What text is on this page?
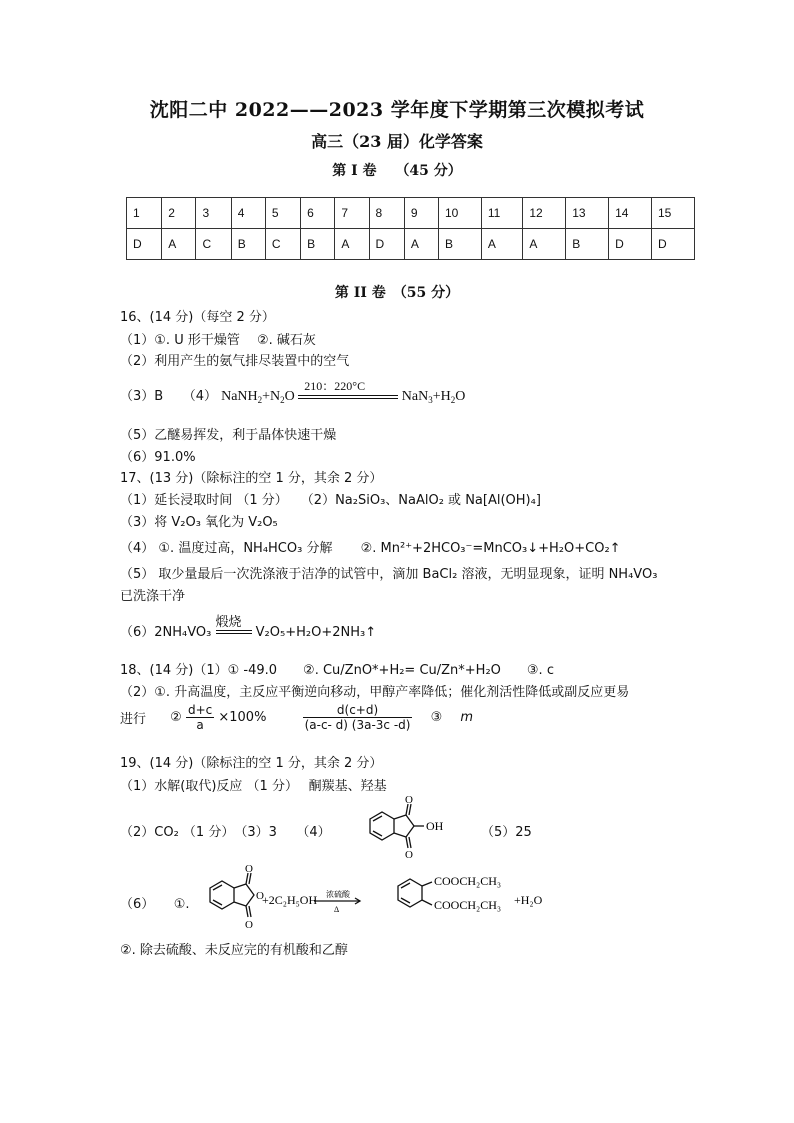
沈阳二中 2022——2023 学年度下学期第三次模拟考试
高三（23 届）化学答案
第 I 卷　 （45 分）
1	2	3	4	5	6	7	8	9	10	11	12	13	14	15
D	A	C	B	C	B	A	D	A	B	A	A	B	D	D
第 II 卷　（55 分）
16、(14 分)（每空 2 分）
（1）①. U 形干燥管　 ②. 碱石灰
（2）利用产生的氨气排尽装置中的空气
（3）B　　（4） $NaNH_2+N_2O$
210：220°C
$NaN_3+H_2O$
（5）乙醚易挥发，利于晶体快速干燥
（6）91.0%
17、(13 分)（除标注的空 1 分，其余 2 分）
（1）延长浸取时间 （1 分）　　（2）Na₂SiO₃、NaAlO₂ 或 Na[Al(OH)₄]
（3）将 V₂O₃ 氧化为 V₂O₅
（4） ①. 温度过高，NH₄HCO₃ 分解 ②. Mn²⁺+2HCO₃⁻=MnCO₃↓+H₂O+CO₂↑
（5） 取少量最后一次洗涤液于洁净的试管中，滴加 BaCl₂ 溶液，无明显现象，证明 NH₄VO₃
已洗涤干净
（6）2NH₄VO₃
煅烧
V₂O₅+H₂O+2NH₃↑
18、(14 分)（1）① -49.0　　②. Cu/ZnO*+H₂= Cu/Zn*+H₂O　　③. c
（2）①. 升高温度，主反应平衡逆向移动，甲醇产率降低；催化剂活性降低或副反应更易
进行 ② $\frac{d+c}{a} \times 100\%$	$\frac{d(c+d)}{(a-c- d) (3a-3c -d)}$ ③ m
19、(14 分)（除标注的空 1 分，其余 2 分）
（1）水解(取代)反应 （1 分）　 酮羰基、羟基
（2）CO₂ （1 分）　（3）3　　（4）
O
O
OH	（5）25
（6）　　①.
O
O
O
+2C₂H₅OH 浓硫酸
Δ
COOCH₂CH₃
COOCH₂CH₃ +H₂O
②. 除去硫酸、未反应完的有机酸和乙醇
